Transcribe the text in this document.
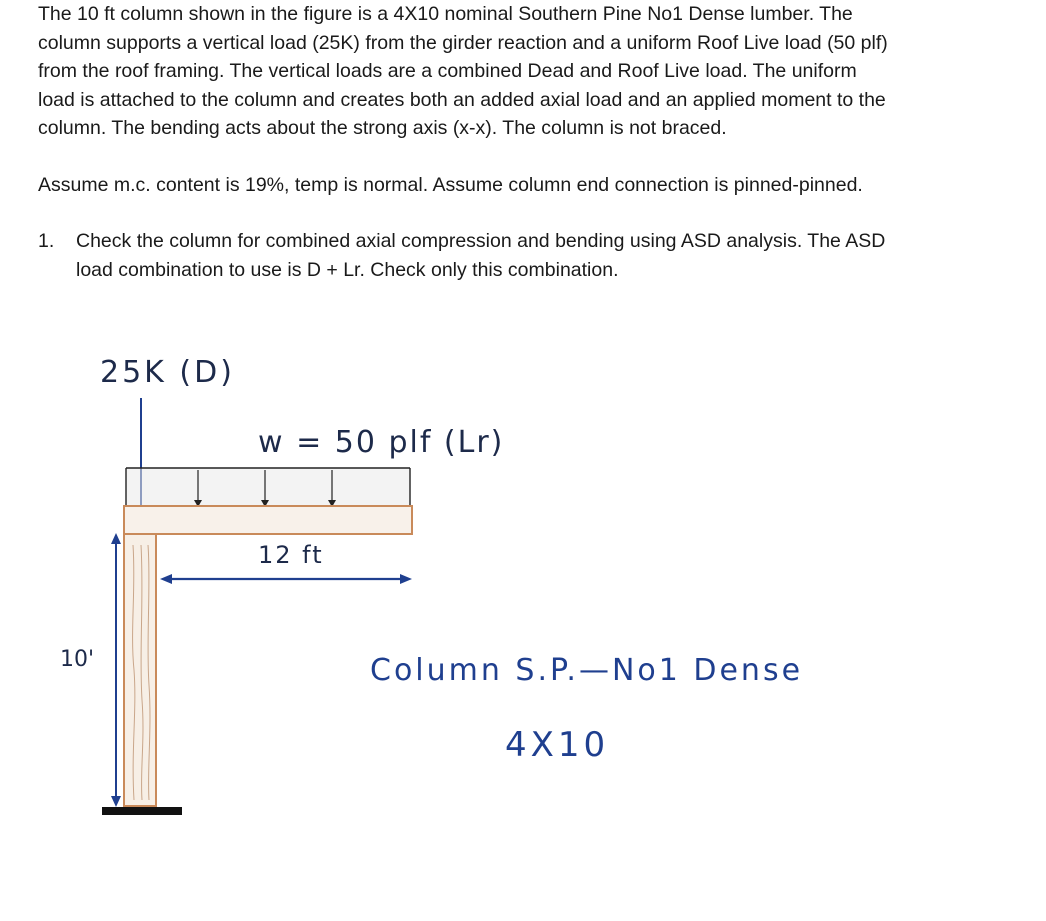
The 10 ft column shown in the figure is a 4X10 nominal Southern Pine No1 Dense lumber. The
column supports a vertical load (25K) from the girder reaction and a uniform Roof Live load (50 plf)
from the roof framing. The vertical loads are a combined Dead and Roof Live load. The uniform
load is attached to the column and creates both an added axial load and an applied moment to the
column. The bending acts about the strong axis (x-x). The column is not braced.

Assume m.c. content is 19%, temp is normal. Assume column end connection is pinned-pinned.

1.	Check the column for combined axial compression and bending using ASD analysis. The ASD
load combination to use is D + Lr. Check only this combination.
25K (D)
w = 50 plf (Lr)
12 ft
10'	Column S.P.—No1 Dense
4X10
